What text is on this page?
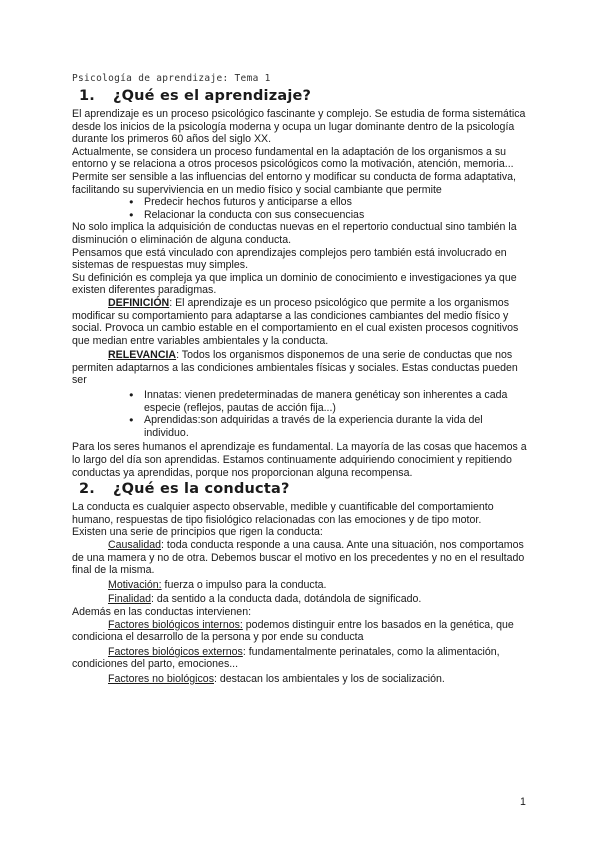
Psicología de aprendizaje: Tema 1
1. ¿Qué es el aprendizaje?

El aprendizaje es un proceso psicológico fascinante y complejo. Se estudia de forma sistemática desde los inicios de la psicología moderna y ocupa un lugar dominante dentro de la psicología durante los primeros 60 años del siglo XX.

Actualmente, se considera un proceso fundamental en la adaptación de los organismos a su entorno y se relaciona a otros procesos psicológicos como la motivación, atención, memoria...

Permite ser sensible a las influencias del entorno y modificar su conducta de forma adaptativa, facilitando su superviviencia en un medio físico y social cambiante que permite

● Predecir hechos futuros y anticiparse a ellos
● Relacionar la conducta con sus consecuencias

No solo implica la adquisición de conductas nuevas en el repertorio conductual sino también la disminución o eliminación de alguna conducta.

Pensamos que está vinculado con aprendizajes complejos pero también está involucrado en sistemas de respuestas muy simples.

Su definición es compleja ya que implica un dominio de conocimiento e investigaciones ya que existen diferentes paradigmas.

DEFINICIÓN: El aprendizaje es un proceso psicológico que permite a los organismos modificar su comportamiento para adaptarse a las condiciones cambiantes del medio físico y social. Provoca un cambio estable en el comportamiento en el cual existen procesos cognitivos que median entre variables ambientales y la conducta.

RELEVANCIA: Todos los organismos disponemos de una serie de conductas que nos permiten adaptarnos a las condiciones ambientales físicas y sociales. Estas conductas pueden ser

● Innatas: vienen predeterminadas de manera genéticay son inherentes a cada especie (reflejos, pautas de acción fija...)
● Aprendidas:son adquiridas a través de la experiencia durante la vida del individuo.

Para los seres humanos el aprendizaje es fundamental. La mayoría de las cosas que hacemos a lo largo del día son aprendidas. Estamos continuamente adquiriendo conocimient y repitiendo conductas ya aprendidas, porque nos proporcionan alguna recompensa.

2. ¿Qué es la conducta?

La conducta es cualquier aspecto observable, medible y cuantificable del comportamiento humano, respuestas de tipo fisiológico relacionadas con las emociones y de tipo motor.

Existen una serie de principios que rigen la conducta:

Causalidad: toda conducta responde a una causa. Ante una situación, nos comportamos de una mamera y no de otra. Debemos buscar el motivo en los precedentes y no en el resultado final de la misma.

Motivación: fuerza o impulso para la conducta.

Finalidad: da sentido a la conducta dada, dotándola de significado.

Además en las conductas intervienen:

Factores biológicos internos: podemos distinguir entre los basados en la genética, que condiciona el desarrollo de la persona y por ende su conducta

Factores biológicos externos: fundamentalmente perinatales, como la alimentación, condiciones del parto, emociones...

Factores no biológicos: destacan los ambientales y los de socialización.

1
